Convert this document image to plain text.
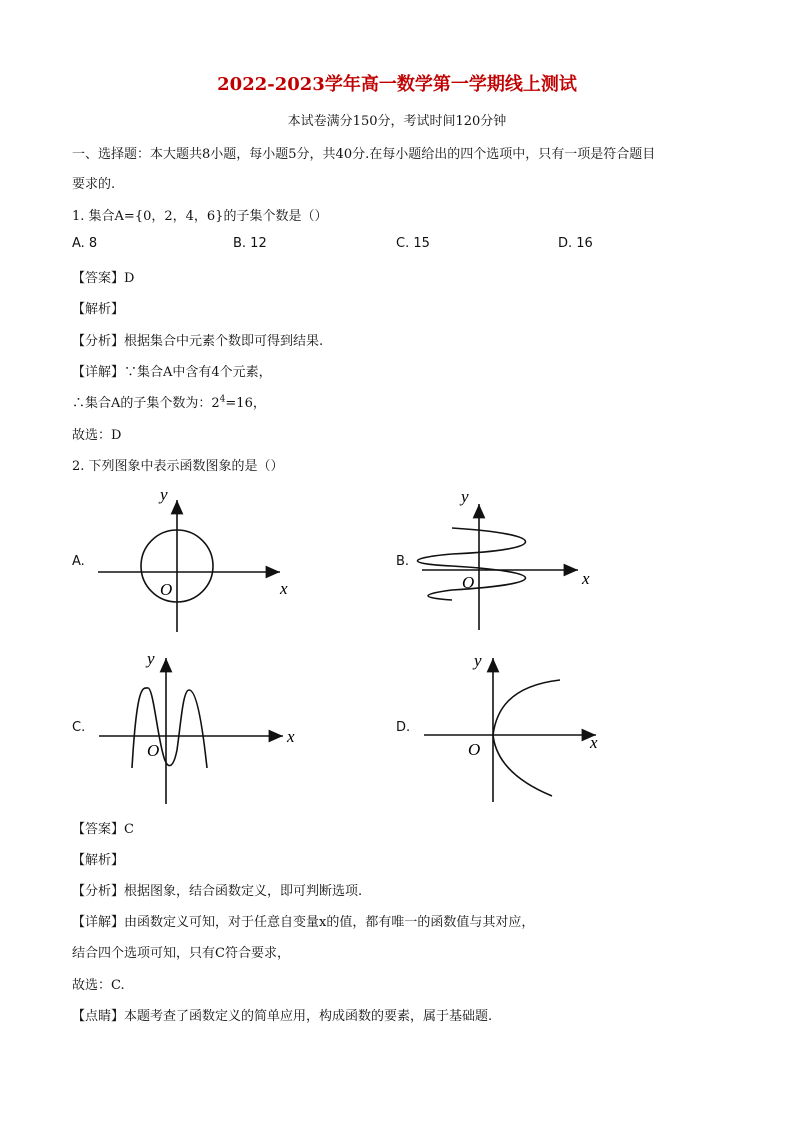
2022-2023学年高一数学第一学期线上测试
本试卷满分150分，考试时间120分钟
一、选择题：本大题共8小题，每小题5分，共40分.在每小题给出的四个选项中，只有一项是符合题目
要求的.
1. 集合A={0，2，4，6}的子集个数是（）
A. 8	B. 12	C. 15	D. 16
【答案】D
【解析】
【分析】根据集合中元素个数即可得到结果.
【详解】∵集合A中含有4个元素，
∴集合A的子集个数为：$2^4=16$，
故选：D
2. 下列图象中表示函数图象的是（）
A.	B.
C.	D.
y
x
O
y
x
O
y
x
O
y
x
O
【答案】C
【解析】
【分析】根据图象，结合函数定义，即可判断选项.
【详解】由函数定义可知，对于任意自变量x的值，都有唯一的函数值与其对应，
结合四个选项可知，只有C符合要求，
故选：C.
【点睛】本题考查了函数定义的简单应用，构成函数的要素，属于基础题.
